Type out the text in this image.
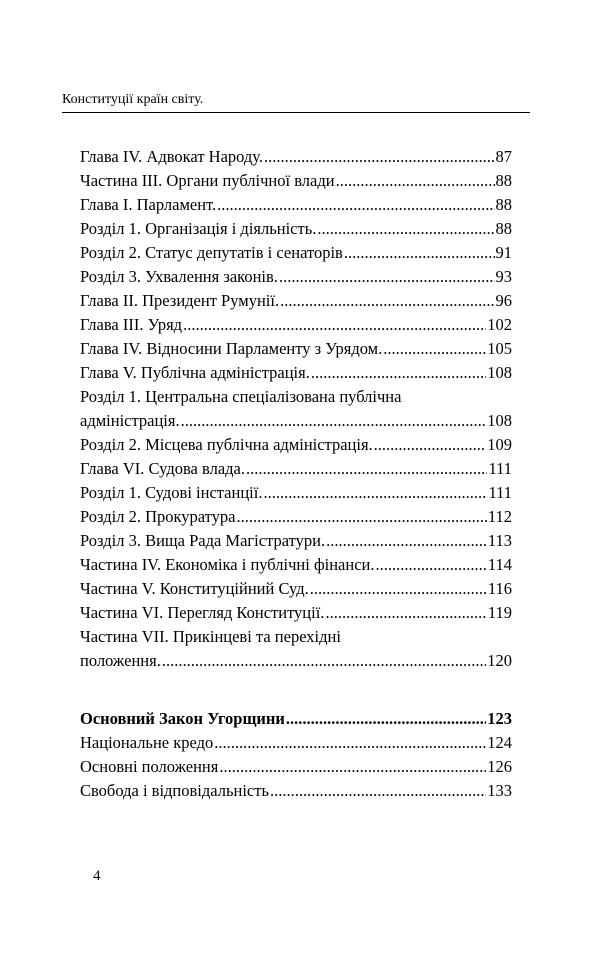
Конституції країн світу.
Глава IV. Адвокат Народу. .....	87
Частина III. Органи публічної влади .....	88
Глава I. Парламент. .....	88
Розділ 1. Організація і діяльність. .....	88
Розділ 2. Статус депутатів і сенаторів .....	91
Розділ 3. Ухвалення законів. .....	93
Глава II. Президент Румунії. .....	96
Глава III. Уряд .....	102
Глава IV. Відносини Парламенту з Урядом. .....	105
Глава V. Публічна адміністрація. .....	108
Розділ 1. Центральна спеціалізована публічна
адміністрація. .....	108
Розділ 2. Місцева публічна адміністрація. .....	109
Глава VI. Судова влада. .....	111
Розділ 1. Судові інстанції. .....	111
Розділ 2. Прокуратура .....	112
Розділ 3. Вища Рада Магістратури. .....	113
Частина IV. Економіка і публічні фінанси. .....	114
Частина V. Конституційний Суд. .....	116
Частина VI. Перегляд Конституції. .....	119
Частина VII. Прикінцеві та перехідні
положення. .....	120
Основний Закон Угорщини .....	123
Національне кредо .....	124
Основні положення .....	126
Свобода і відповідальність .....	133
4
